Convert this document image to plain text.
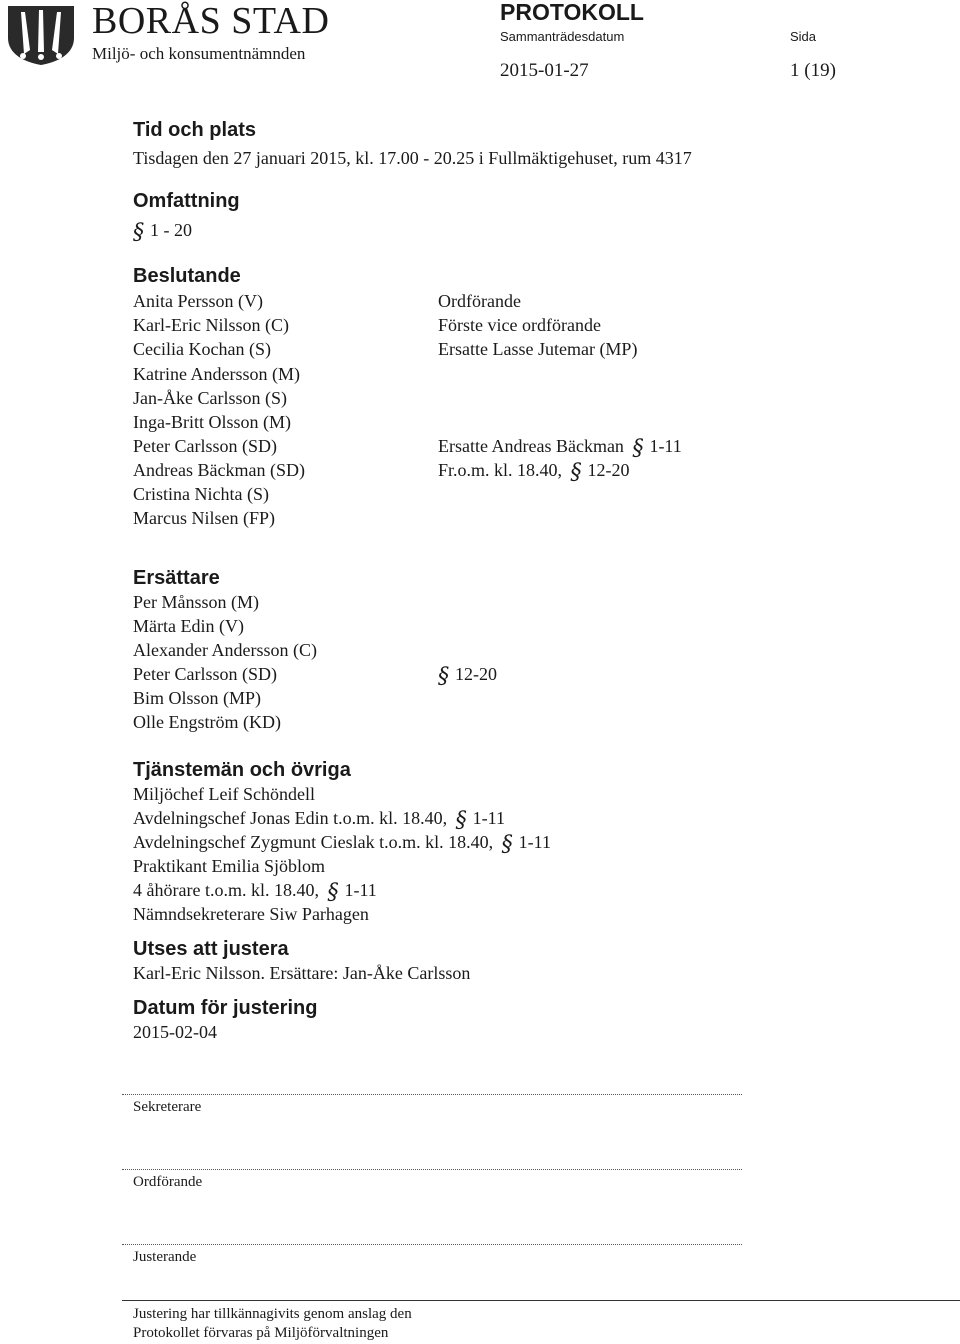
BORÅS STAD
Miljö- och konsumentnämnden
PROTOKOLL
Sammanträdesdatum	Sida
2015-01-27	1 (19)
Tid och plats
Tisdagen den 27 januari 2015, kl. 17.00 - 20.25 i Fullmäktigehuset, rum 4317
Omfattning
§ 1 - 20
Beslutande
Anita Persson (V)	Ordförande
Karl-Eric Nilsson (C)	Förste vice ordförande
Cecilia Kochan (S)	Ersatte Lasse Jutemar (MP)
Katrine Andersson (M)
Jan-Åke Carlsson (S)
Inga-Britt Olsson (M)
Peter Carlsson (SD)	Ersatte Andreas Bäckman § 1-11
Andreas Bäckman (SD)	Fr.o.m. kl. 18.40, § 12-20
Cristina Nichta (S)
Marcus Nilsen (FP)
Ersättare
Per Månsson (M)
Märta Edin (V)
Alexander Andersson (C)
Peter Carlsson (SD)	§ 12-20
Bim Olsson (MP)
Olle Engström (KD)
Tjänstemän och övriga
Miljöchef Leif Schöndell
Avdelningschef Jonas Edin t.o.m. kl. 18.40, § 1-11
Avdelningschef Zygmunt Cieslak t.o.m. kl. 18.40, § 1-11
Praktikant Emilia Sjöblom
4 åhörare t.o.m. kl. 18.40, § 1-11
Nämndsekreterare Siw Parhagen
Utses att justera
Karl-Eric Nilsson. Ersättare: Jan-Åke Carlsson
Datum för justering
2015-02-04
Sekreterare
Ordförande
Justerande
Justering har tillkännagivits genom anslag den
Protokollet förvaras på Miljöförvaltningen
